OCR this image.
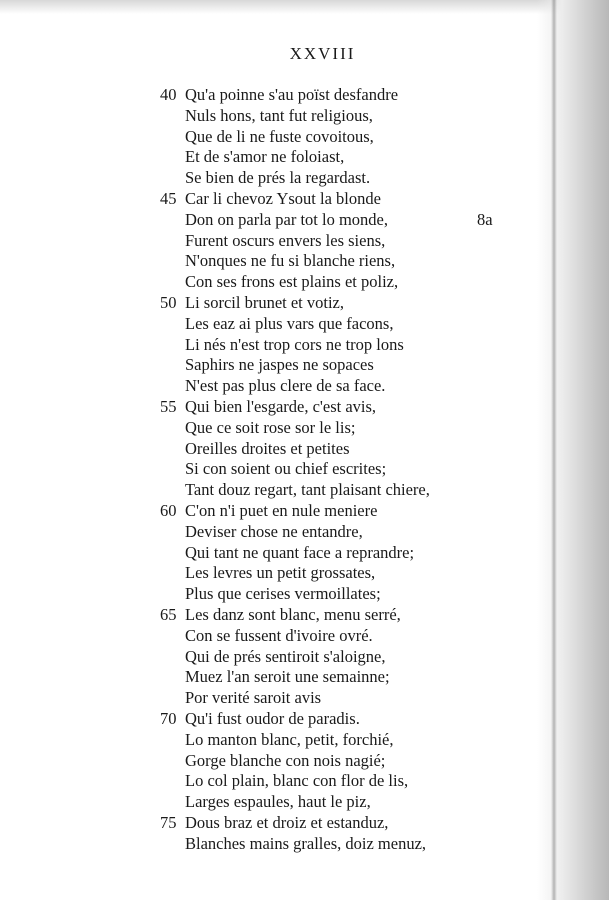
XXVIII
40 Qu'a poinne s'au poïst desfandre
Nuls hons, tant fut religious,
Que de li ne fuste covoitous,
Et de s'amor ne foloiast,
Se bien de prés la regardast.
45 Car li chevoz Ysout la blonde
Don on parla par tot lo monde,	8a
Furent oscurs envers les siens,
N'onques ne fu si blanche riens,
Con ses frons est plains et poliz,
50 Li sorcil brunet et votiz,
Les eaz ai plus vars que facons,
Li nés n'est trop cors ne trop lons
Saphirs ne jaspes ne sopaces
N'est pas plus clere de sa face.
55 Qui bien l'esgarde, c'est avis,
Que ce soit rose sor le lis;
Oreilles droites et petites
Si con soient ou chief escrites;
Tant douz regart, tant plaisant chiere,
60 C'on n'i puet en nule meniere
Deviser chose ne entandre,
Qui tant ne quant face a reprandre;
Les levres un petit grossates,
Plus que cerises vermoillates;
65 Les danz sont blanc, menu serré,
Con se fussent d'ivoire ovré.
Qui de prés sentiroit s'aloigne,
Muez l'an seroit une semainne;
Por verité saroit avis
70 Qu'i fust oudor de paradis.
Lo manton blanc, petit, forchié,
Gorge blanche con nois nagié;
Lo col plain, blanc con flor de lis,
Larges espaules, haut le piz,
75 Dous braz et droiz et estanduz,
Blanches mains gralles, doiz menuz,
